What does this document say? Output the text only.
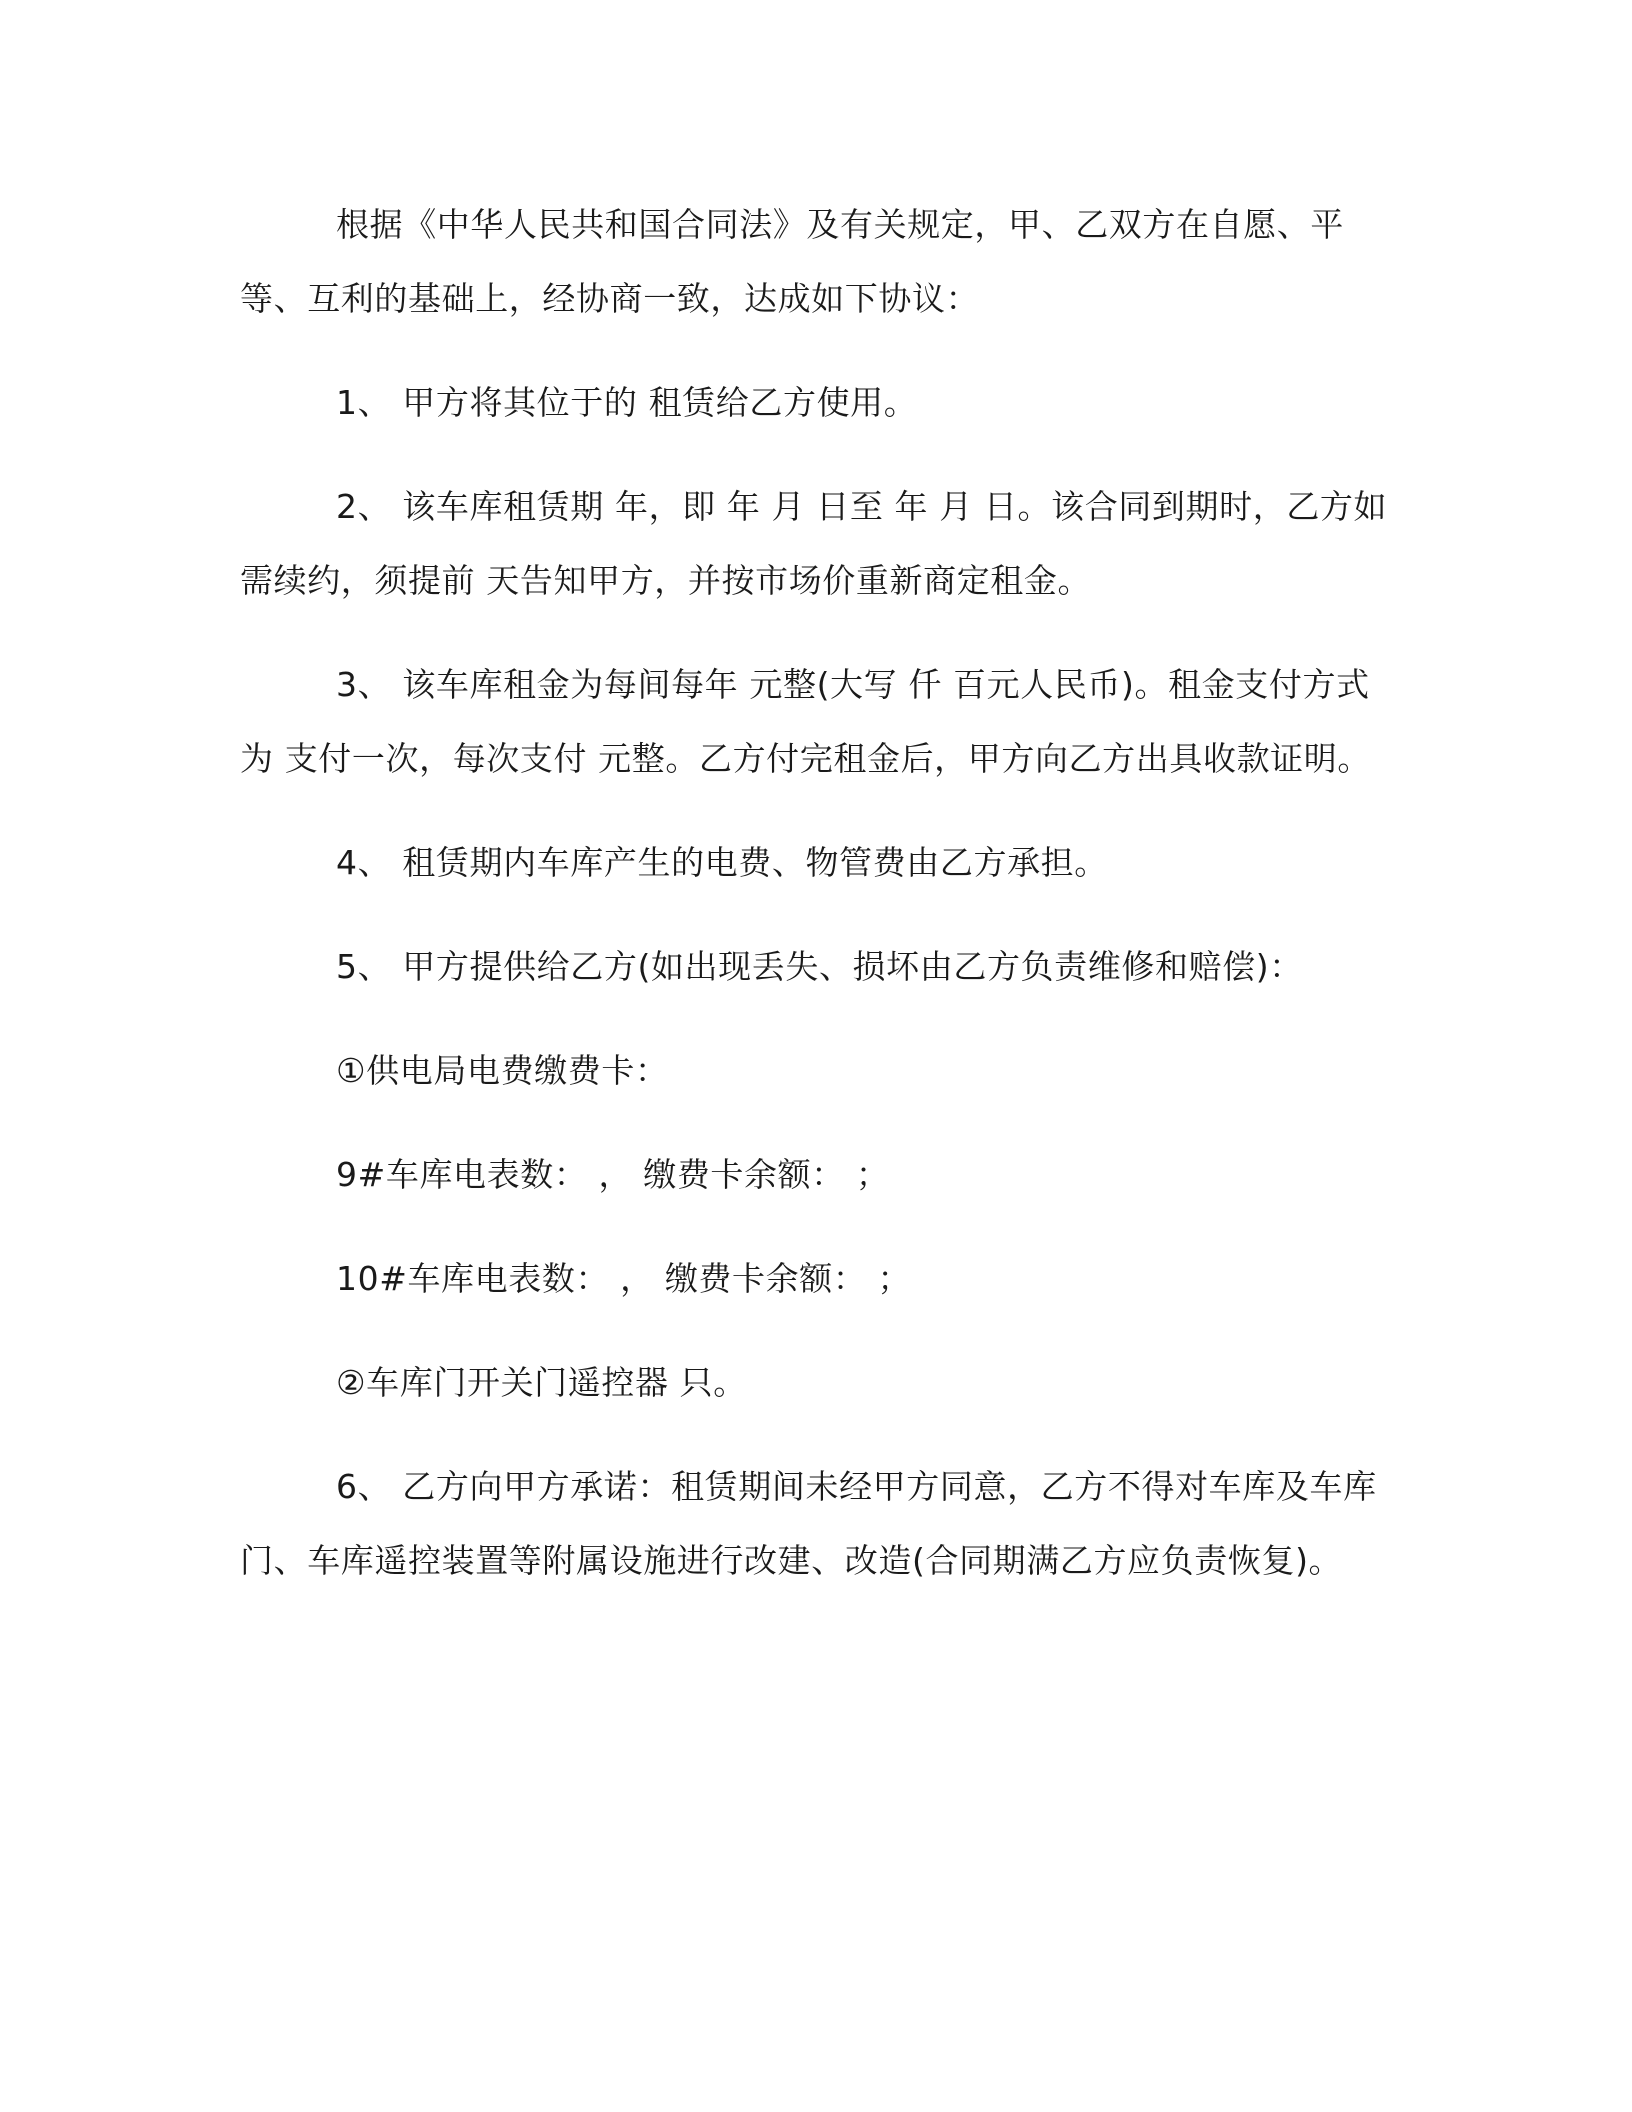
根据《中华人民共和国合同法》及有关规定，甲、乙双方在自愿、平等、互利的基础上，经协商一致，达成如下协议：

1、 甲方将其位于的 租赁给乙方使用。

2、 该车库租赁期 年，即 年 月 日至 年 月 日。该合同到期时，乙方如需续约，须提前 天告知甲方，并按市场价重新商定租金。

3、 该车库租金为每间每年 元整(大写 仟 百元人民币)。租金支付方式为 支付一次，每次支付 元整。乙方付完租金后，甲方向乙方出具收款证明。

4、 租赁期内车库产生的电费、物管费由乙方承担。

5、 甲方提供给乙方(如出现丢失、损坏由乙方负责维修和赔偿)：

①供电局电费缴费卡：

9#车库电表数： ， 缴费卡余额： ；

10#车库电表数： ， 缴费卡余额： ；

②车库门开关门遥控器 只。

6、 乙方向甲方承诺：租赁期间未经甲方同意，乙方不得对车库及车库门、车库遥控装置等附属设施进行改建、改造(合同期满乙方应负责恢复)。
